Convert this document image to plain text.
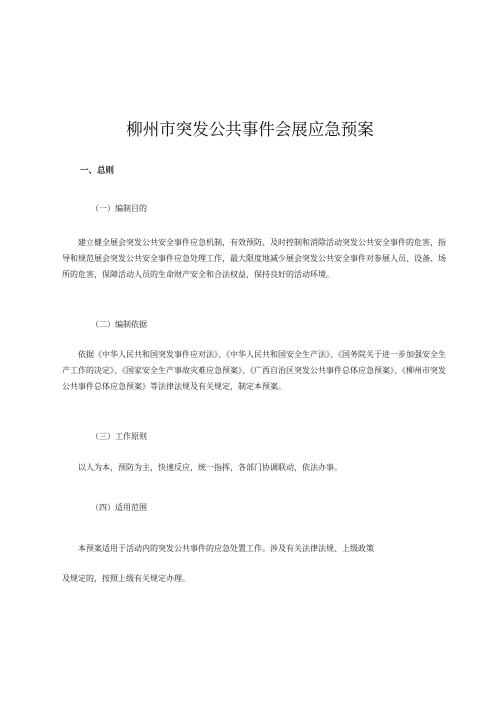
柳州市突发公共事件会展应急预案
一、总则
（一）编制目的

建立健全展会突发公共安全事件应急机制，有效预防、及时控制和消除活动突发公共安全事件的危害，指导和规范展会突发公共安全事件应急处理工作，最大限度地减少展会突发公共安全事件对参展人员、设备、场所的危害，保障活动人员的生命财产安全和合法权益，保持良好的活动环境。

（二）编制依据

依据《中华人民共和国突发事件应对法》、《中华人民共和国安全生产法》、《国务院关于进一步加强安全生产工作的决定》、《国家安全生产事故灾难应急预案》、《广西自治区突发公共事件总体应急预案》、《柳州市突发公共事件总体应急预案》等法律法规及有关规定，制定本预案。

（三）工作原则

以人为本，预防为主，快速反应，统一指挥，各部门协调联动，依法办事。

（四）适用范围

本预案适用于活动内的突发公共事件的应急处置工作。涉及有关法律法规、上级政策

及规定的，按照上级有关规定办理。
